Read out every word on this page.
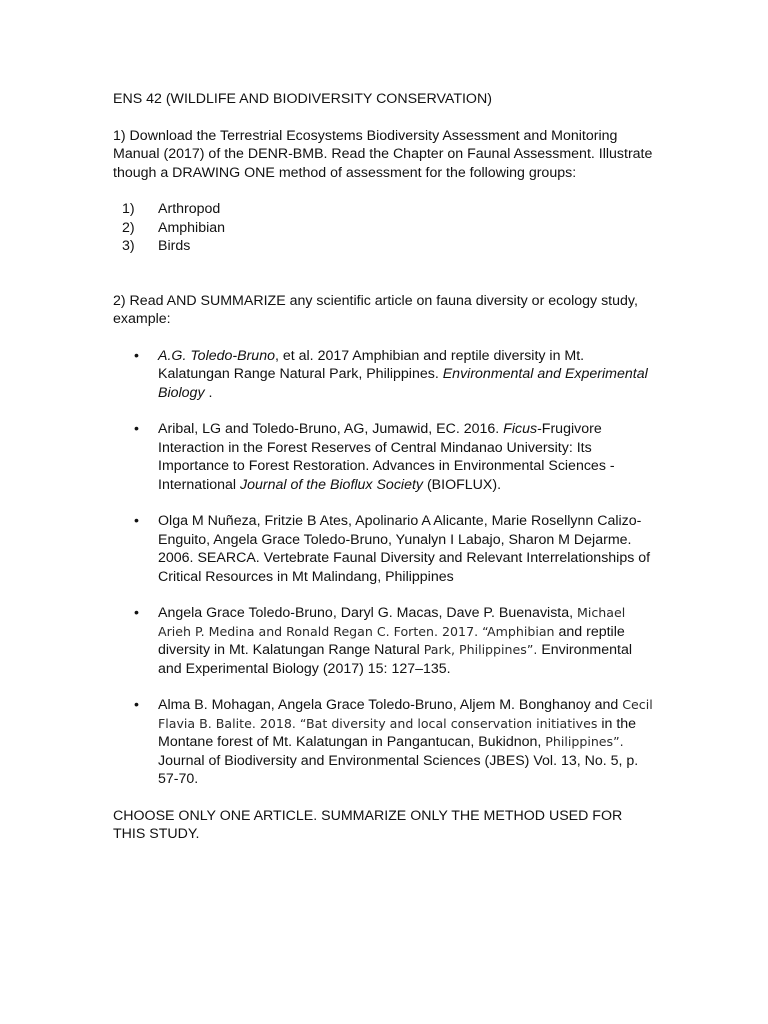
ENS 42 (WILDLIFE AND BIODIVERSITY CONSERVATION)

1) Download the Terrestrial Ecosystems Biodiversity Assessment and Monitoring Manual (2017) of the DENR-BMB. Read the Chapter on Faunal Assessment. Illustrate though a DRAWING ONE method of assessment for the following groups:

1) Arthropod
2) Amphibian
3) Birds

2) Read AND SUMMARIZE any scientific article on fauna diversity or ecology study, example:

• A.G. Toledo-Bruno, et al. 2017 Amphibian and reptile diversity in Mt. Kalatungan Range Natural Park, Philippines. Environmental and Experimental Biology .
• Aribal, LG and Toledo-Bruno, AG, Jumawid, EC. 2016. Ficus-Frugivore Interaction in the Forest Reserves of Central Mindanao University: Its Importance to Forest Restoration. Advances in Environmental Sciences - International Journal of the Bioflux Society (BIOFLUX).
• Olga M Nuñeza, Fritzie B Ates, Apolinario A Alicante, Marie Rosellynn Calizo-Enguito, Angela Grace Toledo-Bruno, Yunalyn I Labajo, Sharon M Dejarme. 2006. SEARCA. Vertebrate Faunal Diversity and Relevant Interrelationships of Critical Resources in Mt Malindang, Philippines
• Angela Grace Toledo-Bruno, Daryl G. Macas, Dave P. Buenavista, Michael Arieh P. Medina and Ronald Regan C. Forten. 2017. “Amphibian and reptile diversity in Mt. Kalatungan Range Natural Park, Philippines”. Environmental and Experimental Biology (2017) 15: 127–135.
• Alma B. Mohagan, Angela Grace Toledo-Bruno, Aljem M. Bonghanoy and Cecil Flavia B. Balite. 2018. “Bat diversity and local conservation initiatives in the Montane forest of Mt. Kalatungan in Pangantucan, Bukidnon, Philippines”. Journal of Biodiversity and Environmental Sciences (JBES) Vol. 13, No. 5, p. 57-70.

CHOOSE ONLY ONE ARTICLE. SUMMARIZE ONLY THE METHOD USED FOR THIS STUDY.
